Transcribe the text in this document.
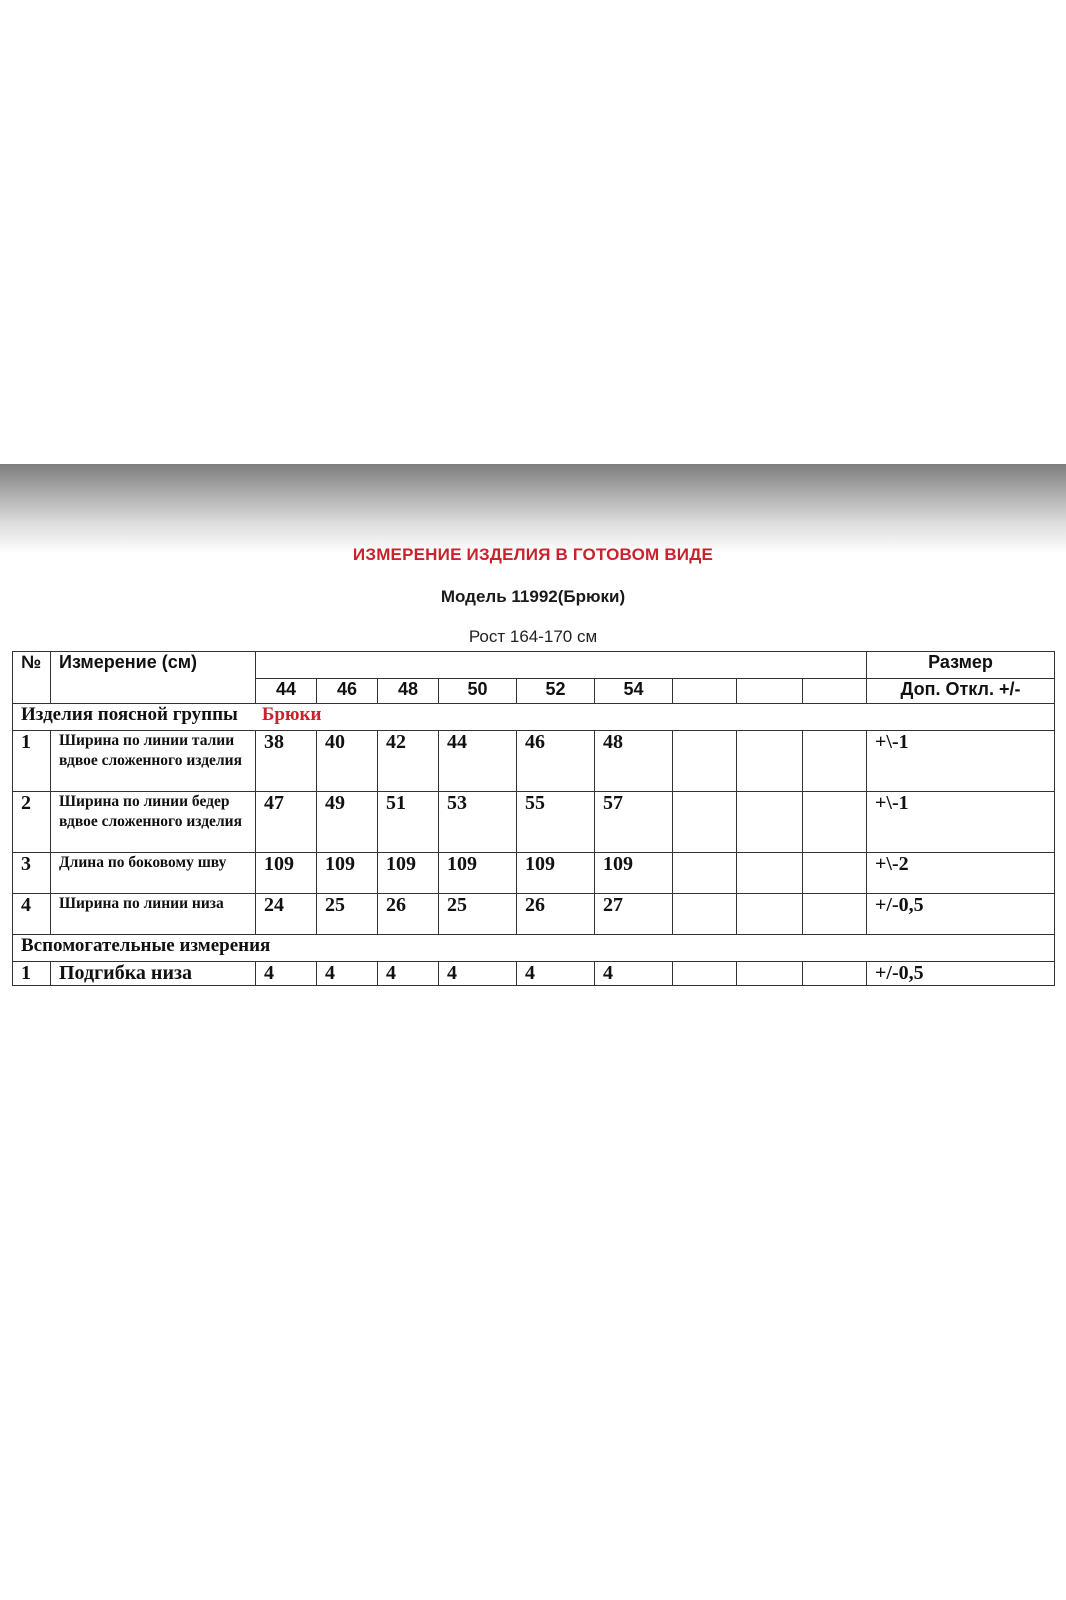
ИЗМЕРЕНИЕ ИЗДЕЛИЯ В ГОТОВОМ ВИДЕ
Модель 11992(Брюки)
Рост 164-170 см
№	Измерение (см)										Размер
		44	46	48	50	52	54				Доп. Откл. +/-
Изделия поясной группы Брюки											
1	Ширина по линии талии вдвое сложенного изделия	38	40	42	44	46	48				+\-1
2	Ширина по линии бедер вдвое сложенного изделия	47	49	51	53	55	57				+\-1
3	Длина по боковому шву	109	109	109	109	109	109				+\-2
4	Ширина по линии низа	24	25	26	25	26	27				+/-0,5
Вспомогательные измерения											
1	Подгибка низа	4	4	4	4	4	4				+/-0,5
